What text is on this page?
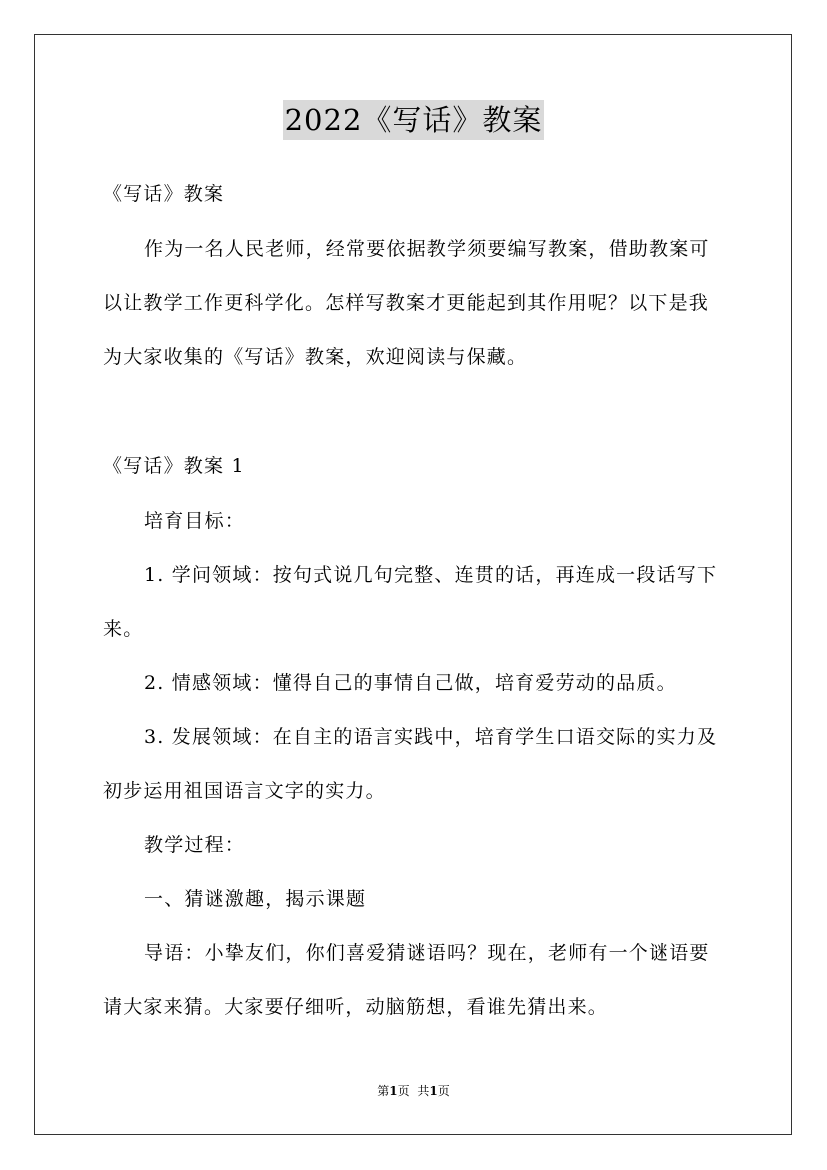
2022《写话》教案
《写话》教案
作为一名人民老师，经常要依据教学须要编写教案，借助教案可
以让教学工作更科学化。怎样写教案才更能起到其作用呢？以下是我
为大家收集的《写话》教案，欢迎阅读与保藏。
《写话》教案 1
培育目标：
1. 学问领域：按句式说几句完整、连贯的话，再连成一段话写下
来。
2. 情感领域：懂得自己的事情自己做，培育爱劳动的品质。
3. 发展领域：在自主的语言实践中，培育学生口语交际的实力及
初步运用祖国语言文字的实力。
教学过程：
一、猜谜激趣，揭示课题
导语：小挚友们，你们喜爱猜谜语吗？现在，老师有一个谜语要
请大家来猜。大家要仔细听，动脑筋想，看谁先猜出来。
第1页 共1页
